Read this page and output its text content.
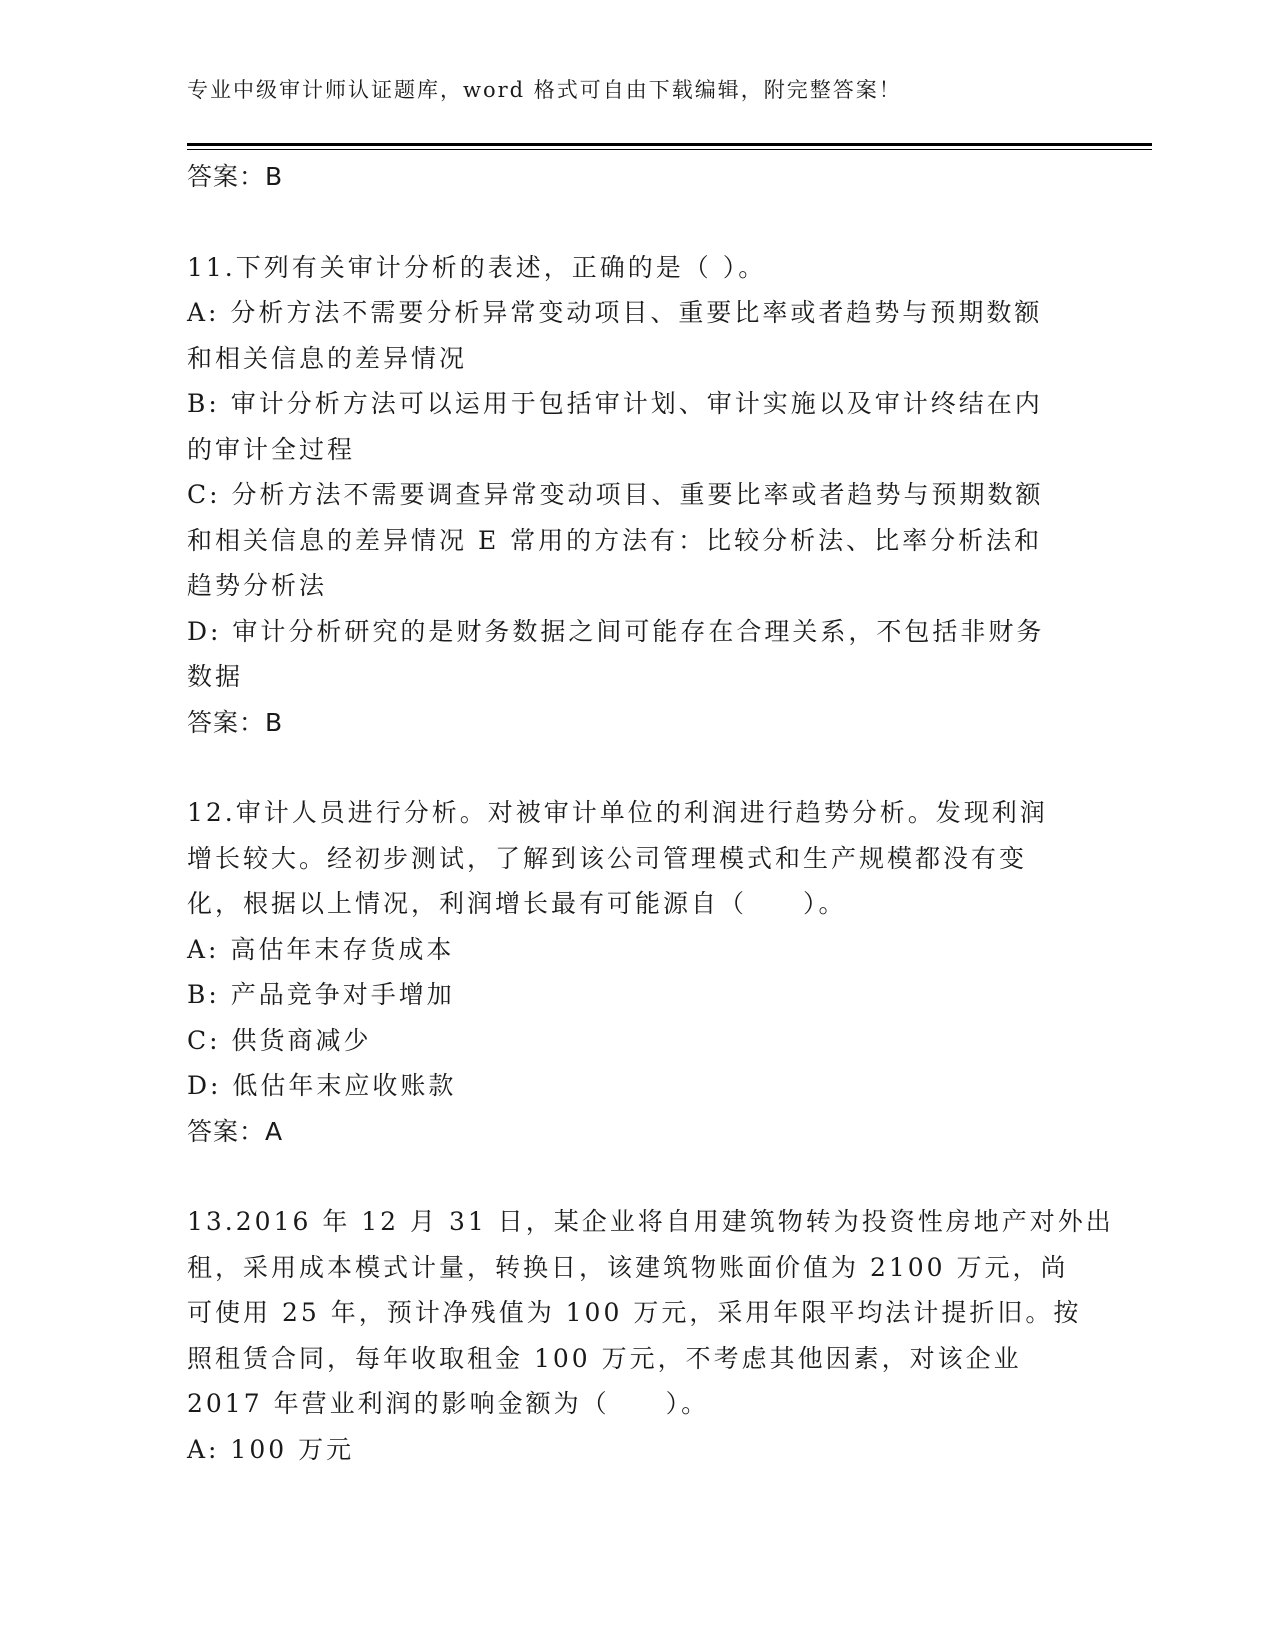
专业中级审计师认证题库，word 格式可自由下载编辑，附完整答案！
答案：B
11.下列有关审计分析的表述，正确的是（ ）。
A: 分析方法不需要分析异常变动项目、重要比率或者趋势与预期数额
和相关信息的差异情况
B: 审计分析方法可以运用于包括审计划、审计实施以及审计终结在内
的审计全过程
C: 分析方法不需要调查异常变动项目、重要比率或者趋势与预期数额
和相关信息的差异情况 E 常用的方法有：比较分析法、比率分析法和
趋势分析法
D: 审计分析研究的是财务数据之间可能存在合理关系，不包括非财务
数据
答案：B
12.审计人员进行分析。对被审计单位的利润进行趋势分析。发现利润
增长较大。经初步测试，了解到该公司管理模式和生产规模都没有变
化，根据以上情况，利润增长最有可能源自（　　）。
A: 高估年末存货成本
B: 产品竞争对手增加
C: 供货商减少
D: 低估年末应收账款
答案：A
13.2016 年 12 月 31 日，某企业将自用建筑物转为投资性房地产对外出
租，采用成本模式计量，转换日，该建筑物账面价值为 2100 万元，尚
可使用 25 年，预计净残值为 100 万元，采用年限平均法计提折旧。按
照租赁合同，每年收取租金 100 万元，不考虑其他因素，对该企业
2017 年营业利润的影响金额为（　　）。
A: 100 万元
